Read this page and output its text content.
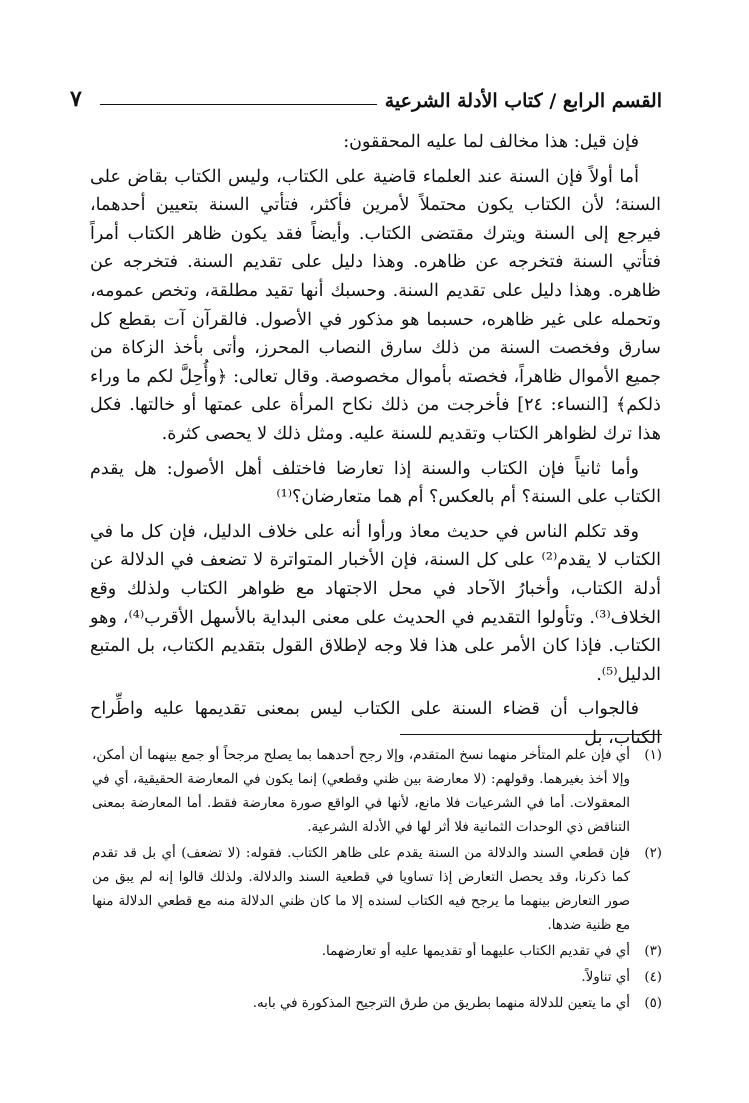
القسم الرابع / كتاب الأدلة الشرعية
٧

فإن قيل: هذا مخالف لما عليه المحققون:

أما أولاً فإن السنة عند العلماء قاضية على الكتاب، وليس الكتاب بقاض على السنة؛ لأن الكتاب يكون محتملاً لأمرين فأكثر، فتأتي السنة بتعيين أحدهما، فيرجع إلى السنة ويترك مقتضى الكتاب. وأيضاً فقد يكون ظاهر الكتاب أمراً فتأتي السنة فتخرجه عن ظاهره. وهذا دليل على تقديم السنة. فتخرجه عن ظاهره. وهذا دليل على تقديم السنة. وحسبك أنها تقيد مطلقة، وتخص عمومه، وتحمله على غير ظاهره، حسبما هو مذكور في الأصول. فالقرآن آت بقطع كل سارق وفخصت السنة من ذلك سارق النصاب المحرز، وأتى بأخذ الزكاة من جميع الأموال ظاهراً، فخصته بأموال مخصوصة. وقال تعالى: ﴿وأُحِلَّ لكم ما وراء ذلكم﴾ [النساء: ٢٤] فأخرجت من ذلك نكاح المرأة على عمتها أو خالتها. فكل هذا ترك لظواهر الكتاب وتقديم للسنة عليه. ومثل ذلك لا يحصى كثرة.

وأما ثانياً فإن الكتاب والسنة إذا تعارضا فاختلف أهل الأصول: هل يقدم الكتاب على السنة؟ أم بالعكس؟ أم هما متعارضان؟⁽¹⁾

وقد تكلم الناس في حديث معاذ ورأوا أنه على خلاف الدليل، فإن كل ما في الكتاب لا يقدم⁽²⁾ على كل السنة، فإن الأخبار المتواترة لا تضعف في الدلالة عن أدلة الكتاب، وأخبارُ الآحاد في محل الاجتهاد مع ظواهر الكتاب ولذلك وقع الخلاف⁽³⁾. وتأولوا التقديم في الحديث على معنى البداية بالأسهل الأقرب⁽⁴⁾، وهو الكتاب. فإذا كان الأمر على هذا فلا وجه لإطلاق القول بتقديم الكتاب، بل المتبع الدليل⁽⁵⁾.

فالجواب أن قضاء السنة على الكتاب ليس بمعنى تقديمها عليه واطِّراح الكتاب، بل

(١)
أي فإن علم المتأخر منهما نسخ المتقدم، وإلا رجح أحدهما بما يصلح مرجحاً أو جمع بينهما أن أمكن، وإلا أخذ بغيرهما. وقولهم: (لا معارضة بين ظني وقطعي) إنما يكون في المعارضة الحقيقية، أي في المعقولات. أما في الشرعيات فلا مانع، لأنها في الواقع صورة معارضة فقط. أما المعارضة بمعنى التناقض ذي الوحدات الثمانية فلا أثر لها في الأدلة الشرعية.
(٢)
فإن قطعي السند والدلالة من السنة يقدم على ظاهر الكتاب. فقوله: (لا تضعف) أي بل قد تقدم كما ذكرنا، وقد يحصل التعارض إذا تساويا في قطعية السند والدلالة. ولذلك قالوا إنه لم يبق من صور التعارض بينهما ما يرجح فيه الكتاب لسنده إلا ما كان ظني الدلالة منه مع قطعي الدلالة منها مع ظنية ضدها.
(٣)
أي في تقديم الكتاب عليهما أو تقديمها عليه أو تعارضهما.
(٤)
أي تناولاً.
(٥)
أي ما يتعين للدلالة منهما بطريق من طرق الترجيح المذكورة في بابه.
